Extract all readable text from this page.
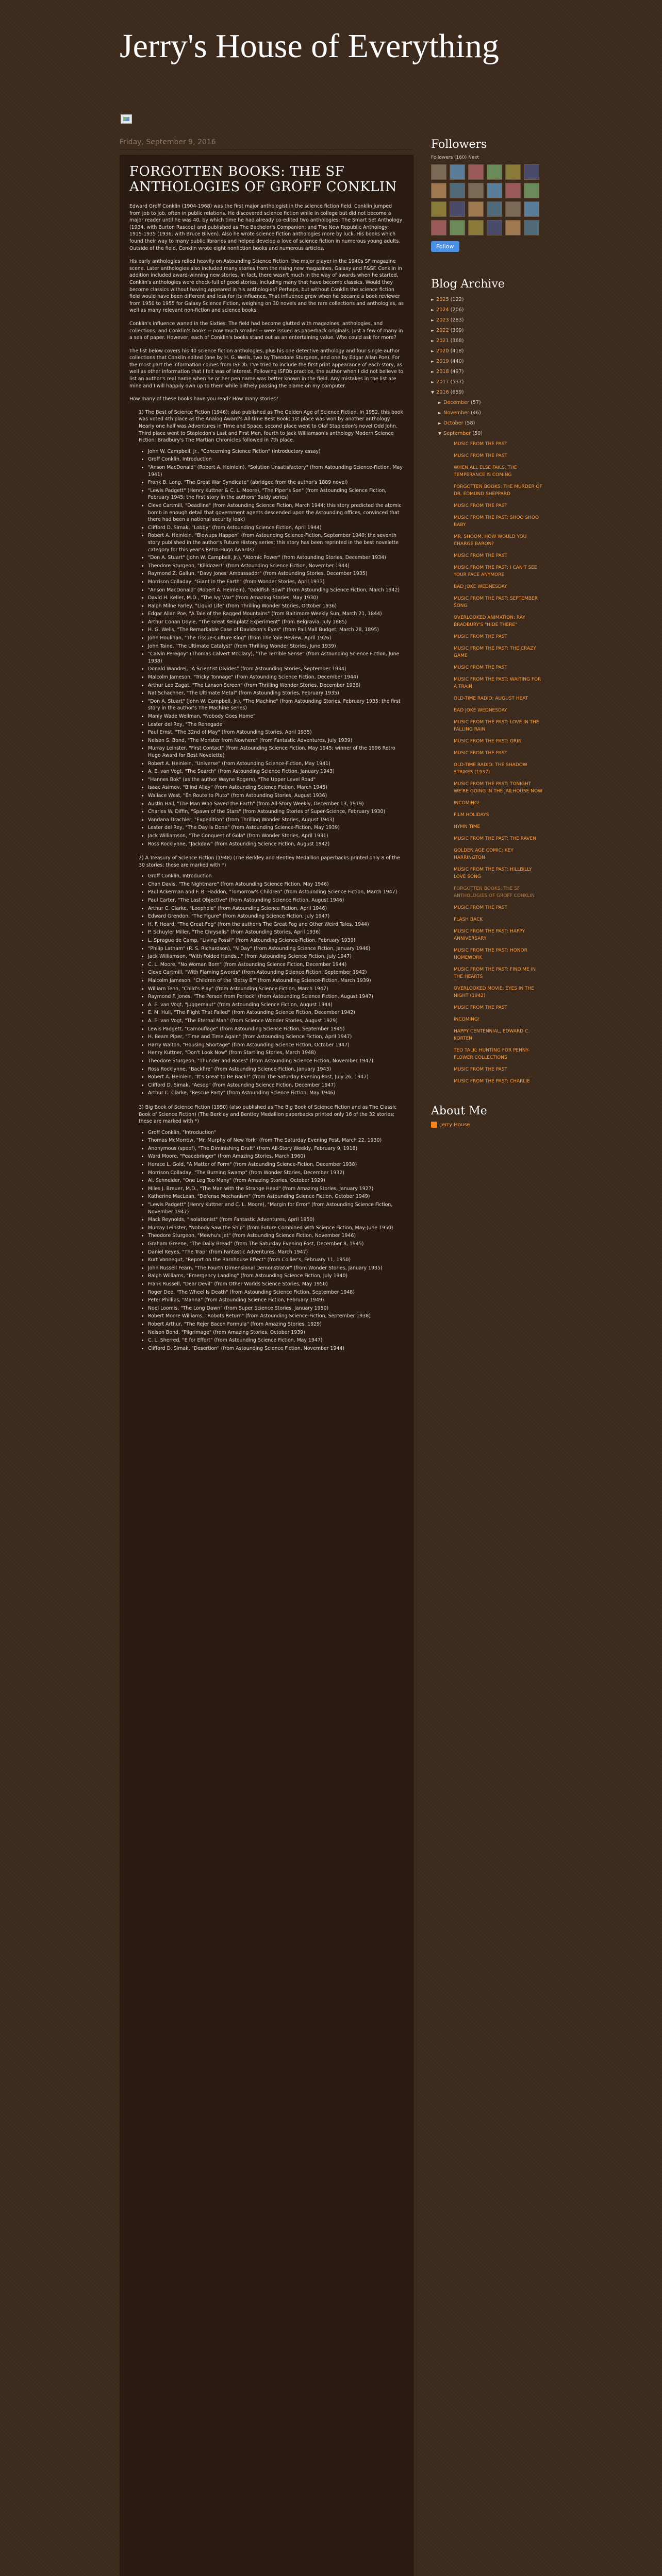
Jerry's House of Everything
Friday, September 9, 2016
FORGOTTEN BOOKS: THE SF ANTHOLOGIES OF GROFF CONKLIN

Edward Groff Conklin (1904-1968) was the first major anthologist in the science fiction field. Conklin jumped from job to job, often in public relations. He discovered science fiction while in college but did not become a major reader until he was 40, by which time he had already co-edited two anthologies: The Smart Set Anthology (1934, with Burton Rascoe) and published as The Bachelor's Companion; and The New Republic Anthology: 1915-1935 (1936, with Bruce Bliven). Also he wrote science fiction anthologies more by luck. His books which found their way to many public libraries and helped develop a love of science fiction in numerous young adults. Outside of the field, Conklin wrote eight nonfiction books and numerous articles.

His early anthologies relied heavily on Astounding Science Fiction, the major player in the 1940s SF magazine scene. Later anthologies also included many stories from the rising new magazines, Galaxy and F&SF. Conklin in addition included award-winning new stories, in fact, there wasn't much in the way of awards when he started, Conklin's anthologies were chock-full of good stories, including many that have become classics. Would they become classics without having appeared in his anthologies? Perhaps, but without Conklin the science fiction field would have been different and less for its influence. That influence grew when he became a book reviewer from 1950 to 1955 for Galaxy Science Fiction, weighing on 30 novels and the rare collections and anthologies, as well as many relevant non-fiction and science books.

Conklin's influence waned in the Sixties. The field had become glutted with magazines, anthologies, and collections, and Conklin's books -- now much smaller -- were issued as paperback originals. Just a few of many in a sea of paper. However, each of Conklin's books stand out as an entertaining value. Who could ask for more?

The list below covers his 40 science fiction anthologies, plus his one detective anthology and four single-author collections that Conklin edited (one by H. G. Wells, two by Theodore Sturgeon, and one by Edgar Allan Poe). For the most part the information comes from ISFDb. I've tried to include the first print appearance of each story, as well as other information that I felt was of interest. Following ISFDb practice, the author when I did not believe to list an author's real name when he or her pen name was better known in the field. Any mistakes in the list are mine and I will happily own up to them while blithely passing the blame on my computer.

How many of these books have you read? How many stories?

1) The Best of Science Fiction (1946); also published as The Golden Age of Science Fiction. In 1952, this book was voted 4th place as the Analog Award's All-time Best Book; 1st place was won by another anthology. Nearly one half was Adventures in Time and Space, second place went to Olaf Stapledon's novel Odd John. Third place went to Stapledon's Last and First Men, fourth to Jack Williamson's anthology Modern Science Fiction; Bradbury's The Martian Chronicles followed in 7th place.
• John W. Campbell, Jr., "Concerning Science Fiction" (introductory essay)
• Groff Conklin, Introduction
• "Anson MacDonald" (Robert A. Heinlein), "Solution Unsatisfactory" (from Astounding Science-Fiction, May 1941)
• Frank B. Long, "The Great War Syndicate" (abridged from the author's 1889 novel)
• "Lewis Padgett" (Henry Kuttner & C. L. Moore), "The Piper's Son" (from Astounding Science Fiction, February 1945; the first story in the authors' Baldy series)
• Cleve Cartmill, "Deadline" (from Astounding Science Fiction, March 1944; this story predicted the atomic bomb in enough detail that government agents descended upon the Astounding offices, convinced that there had been a national security leak)
• Clifford D. Simak, "Lobby" (from Astounding Science Fiction, April 1944)
• Robert A. Heinlein, "Blowups Happen" (from Astounding Science-Fiction, September 1940; the seventh story published in the author's Future History series; this story has been reprinted in the best novelette category for this year's Retro-Hugo Awards)
• "Don A. Stuart" (John W. Campbell, Jr.), "Atomic Power" (from Astounding Stories, December 1934)
• Theodore Sturgeon, "Killdozer!" (from Astounding Science Fiction, November 1944)
• Raymond Z. Gallun, "Davy Jones' Ambassador" (from Astounding Stories, December 1935)
• Morrison Colladay, "Giant in the Earth" (from Wonder Stories, April 1933)
• "Anson MacDonald" (Robert A. Heinlein), "Goldfish Bowl" (from Astounding Science Fiction, March 1942)
• David H. Keller, M.D., "The Ivy War" (from Amazing Stories, May 1930)
• Ralph Milne Farley, "Liquid Life" (from Thrilling Wonder Stories, October 1936)
• Edgar Allan Poe, "A Tale of the Ragged Mountains" (from Baltimore Weekly Sun, March 21, 1844)
• Arthur Conan Doyle, "The Great Keinplatz Experiment" (from Belgravia, July 1885)
• H. G. Wells, "The Remarkable Case of Davidson's Eyes" (from Pall Mall Budget, March 28, 1895)
• John Houlihan, "The Tissue-Culture King" (from The Yale Review, April 1926)
• John Taine, "The Ultimate Catalyst" (from Thrilling Wonder Stories, June 1939)
• "Calvin Peregoy" (Thomas Calvert McClary), "The Terrible Sense" (from Astounding Science Fiction, June 1938)
• Donald Wandrei, "A Scientist Divides" (from Astounding Stories, September 1934)
• Malcolm Jameson, "Tricky Tonnage" (from Astounding Science Fiction, December 1944)
• Arthur Leo Zagat, "The Lanson Screen" (from Thrilling Wonder Stories, December 1936)
• Nat Schachner, "The Ultimate Metal" (from Astounding Stories, February 1935)
• "Don A. Stuart" (John W. Campbell, Jr.), "The Machine" (from Astounding Stories, February 1935; the first story in the author's The Machine series)
• Manly Wade Wellman, "Nobody Goes Home"
• Lester del Rey, "The Renegade"
• Paul Ernst, "The 32nd of May" (from Astounding Stories, April 1935)
• Nelson S. Bond, "The Monster from Nowhere" (from Fantastic Adventures, July 1939)
• Murray Leinster, "First Contact" (from Astounding Science Fiction, May 1945; winner of the 1996 Retro Hugo Award for Best Novelette)
• Robert A. Heinlein, "Universe" (from Astounding Science-Fiction, May 1941)
• A. E. van Vogt, "The Search" (from Astounding Science Fiction, January 1943)
• "Hannes Bok" (as the author Wayne Rogers), "The Upper Level Road"
• Isaac Asimov, "Blind Alley" (from Astounding Science Fiction, March 1945)
• Wallace West, "En Route to Pluto" (from Astounding Stories, August 1936)
• Austin Hall, "The Man Who Saved the Earth" (from All-Story Weekly, December 13, 1919)
• Charles W. Diffin, "Spawn of the Stars" (from Astounding Stories of Super-Science, February 1930)
• Vandana Drachler, "Expedition" (from Thrilling Wonder Stories, August 1943)
• Lester del Rey, "The Day Is Done" (from Astounding Science-Fiction, May 1939)
• Jack Williamson, "The Conquest of Gola" (from Wonder Stories, April 1931)
• Ross Rocklynne, "Jackdaw" (from Astounding Science Fiction, August 1942)
2) A Treasury of Science Fiction (1948) (The Berkley and Bentley Medallion paperbacks printed only 8 of the 30 stories; these are marked with *)
• Groff Conklin, Introduction
• Chan Davis, "The Nightmare" (from Astounding Science Fiction, May 1946)
• Paul Ackerman and F. B. Haddon, "Tomorrow's Children" (from Astounding Science Fiction, March 1947)
• Paul Carter, "The Last Objective" (from Astounding Science Fiction, August 1946)
• Arthur C. Clarke, "Loophole" (from Astounding Science Fiction, April 1946)
• Edward Grendon, "The Figure" (from Astounding Science Fiction, July 1947)
• H. F. Heard, "The Great Fog" (from the author's The Great Fog and Other Weird Tales, 1944)
• P. Schuyler Miller, "The Chrysalis" (from Astounding Stories, April 1936)
• L. Sprague de Camp, "Living Fossil" (from Astounding Science-Fiction, February 1939)
• "Philip Latham" (R. S. Richardson), "N Day" (from Astounding Science Fiction, January 1946)
• Jack Williamson, "With Folded Hands..." (from Astounding Science Fiction, July 1947)
• C. L. Moore, "No Woman Born" (from Astounding Science Fiction, December 1944)
• Cleve Cartmill, "With Flaming Swords" (from Astounding Science Fiction, September 1942)
• Malcolm Jameson, "Children of the 'Betsy B'" (from Astounding Science-Fiction, March 1939)
• William Tenn, "Child's Play" (from Astounding Science Fiction, March 1947)
• Raymond F. Jones, "The Person from Porlock" (from Astounding Science Fiction, August 1947)
• A. E. van Vogt, "Juggernaut" (from Astounding Science Fiction, August 1944)
• E. M. Hull, "The Flight That Failed" (from Astounding Science Fiction, December 1942)
• A. E. van Vogt, "The Eternal Man" (from Science Wonder Stories, August 1929)
• Lewis Padgett, "Camouflage" (from Astounding Science Fiction, September 1945)
• H. Beam Piper, "Time and Time Again" (from Astounding Science Fiction, April 1947)
• Harry Walton, "Housing Shortage" (from Astounding Science Fiction, October 1947)
• Henry Kuttner, "Don't Look Now" (from Startling Stories, March 1948)
• Theodore Sturgeon, "Thunder and Roses" (from Astounding Science Fiction, November 1947)
• Ross Rocklynne, "Backfire" (from Astounding Science-Fiction, January 1943)
• Robert A. Heinlein, "It's Great to Be Back!" (from The Saturday Evening Post, July 26, 1947)
• Clifford D. Simak, "Aesop" (from Astounding Science Fiction, December 1947)
• Arthur C. Clarke, "Rescue Party" (from Astounding Science Fiction, May 1946)
3) Big Book of Science Fiction (1950) (also published as The Big Book of Science Fiction and as The Classic Book of Science Fiction) (The Berkley and Bentley Medallion paperbacks printed only 16 of the 32 stories; these are marked with *)
• Groff Conklin, "Introduction"
• Thomas McMorrow, "Mr. Murphy of New York" (from The Saturday Evening Post, March 22, 1930)
• Anonymous (spoof), "The Diminishing Draft" (from All-Story Weekly, February 9, 1918)
• Ward Moore, "Peacebringer" (from Amazing Stories, March 1960)
• Horace L. Gold, "A Matter of Form" (from Astounding Science-Fiction, December 1938)
• Morrison Colladay, "The Burning Swamp" (from Wonder Stories, December 1932)
• Al. Schneider, "One Leg Too Many" (from Amazing Stories, October 1929)
• Miles J. Breuer, M.D., "The Man with the Strange Head" (from Amazing Stories, January 1927)
• Katherine MacLean, "Defense Mechanism" (from Astounding Science Fiction, October 1949)
• "Lewis Padgett" (Henry Kuttner and C. L. Moore), "Margin for Error" (from Astounding Science Fiction, November 1947)
• Mack Reynolds, "Isolationist" (from Fantastic Adventures, April 1950)
• Murray Leinster, "Nobody Saw the Ship" (from Future Combined with Science Fiction, May-June 1950)
• Theodore Sturgeon, "Mewhu's Jet" (from Astounding Science Fiction, November 1946)
• Graham Greene, "The Daily Bread" (from The Saturday Evening Post, December 8, 1945)
• Daniel Keyes, "The Trap" (from Fantastic Adventures, March 1947)
• Kurt Vonnegut, "Report on the Barnhouse Effect" (from Collier's, February 11, 1950)
• John Russell Fearn, "The Fourth Dimensional Demonstrator" (from Wonder Stories, January 1935)
• Ralph Williams, "Emergency Landing" (from Astounding Science Fiction, July 1940)
• Frank Russell, "Dear Devil" (from Other Worlds Science Stories, May 1950)
• Roger Dee, "The Wheel Is Death" (from Astounding Science Fiction, September 1948)
• Peter Phillips, "Manna" (from Astounding Science Fiction, February 1949)
• Noel Loomis, "The Long Dawn" (from Super Science Stories, January 1950)
• Robert Moore Williams, "Robots Return" (from Astounding Science-Fiction, September 1938)
• Robert Arthur, "The Rejer Bacon Formula" (from Amazing Stories, 1929)
• Nelson Bond, "Pilgrimage" (from Amazing Stories, October 1939)
• C. L. Sherred, "E for Effort" (from Astounding Science Fiction, May 1947)
• Clifford D. Simak, "Desertion" (from Astounding Science Fiction, November 1944)
Followers
Followers (160) Next
Follow
Blog Archive
► 2025 (122)
► 2024 (206)
► 2023 (283)
► 2022 (309)
► 2021 (368)
► 2020 (418)
► 2019 (440)
► 2018 (497)
► 2017 (537)
▼ 2016 (659)
► December (57)
► November (46)
► October (58)
▼ September (50)
MUSIC FROM THE PAST
MUSIC FROM THE PAST
WHEN ALL ELSE FAILS, THE TEMPERANCE IS COMING
FORGOTTEN BOOKS: THE MURDER OF DR. EDMUND SHEPPARD
MUSIC FROM THE PAST
MUSIC FROM THE PAST: SHOO SHOO BABY
MR. SHOOM, HOW WOULD YOU CHARGE BARON?
MUSIC FROM THE PAST
MUSIC FROM THE PAST: I CAN'T SEE YOUR FACE ANYMORE
BAD JOKE WEDNESDAY
MUSIC FROM THE PAST: SEPTEMBER SONG
OVERLOOKED ANIMATION: RAY BRADBURY'S "HIDE THERE"
MUSIC FROM THE PAST
MUSIC FROM THE PAST: THE CRAZY GAME
MUSIC FROM THE PAST
MUSIC FROM THE PAST: WAITING FOR A TRAIN
OLD-TIME RADIO: AUGUST HEAT
BAD JOKE WEDNESDAY
MUSIC FROM THE PAST: LOVE IN THE FALLING RAIN
MUSIC FROM THE PAST: GRIN
MUSIC FROM THE PAST
OLD-TIME RADIO: THE SHADOW STRIKES (1937)
MUSIC FROM THE PAST: TONIGHT WE'RE GOING IN THE JAILHOUSE NOW
INCOMING!
FILM HOLIDAYS
HYMN TIME
MUSIC FROM THE PAST: THE RAVEN
GOLDEN AGE COMIC: KEY HARRINGTON
MUSIC FROM THE PAST: HILLBILLY LOVE SONG
FORGOTTEN BOOKS: THE SF ANTHOLOGIES OF GROFF CONKLIN
MUSIC FROM THE PAST
FLASH BACK
MUSIC FROM THE PAST: HAPPY ANNIVERSARY
MUSIC FROM THE PAST: HONOR HOMEWORK
MUSIC FROM THE PAST: FIND ME IN THE HEARTS
OVERLOOKED MOVIE: EYES IN THE NIGHT (1942)
MUSIC FROM THE PAST
INCOMING!
HAPPY CENTENNIAL, EDWARD C. KORTEN
TEO TALK: HUNTING FOR PENNY-FLOWER COLLECTIONS
MUSIC FROM THE PAST
MUSIC FROM THE PAST: CHARLIE
About Me
Jerry House
